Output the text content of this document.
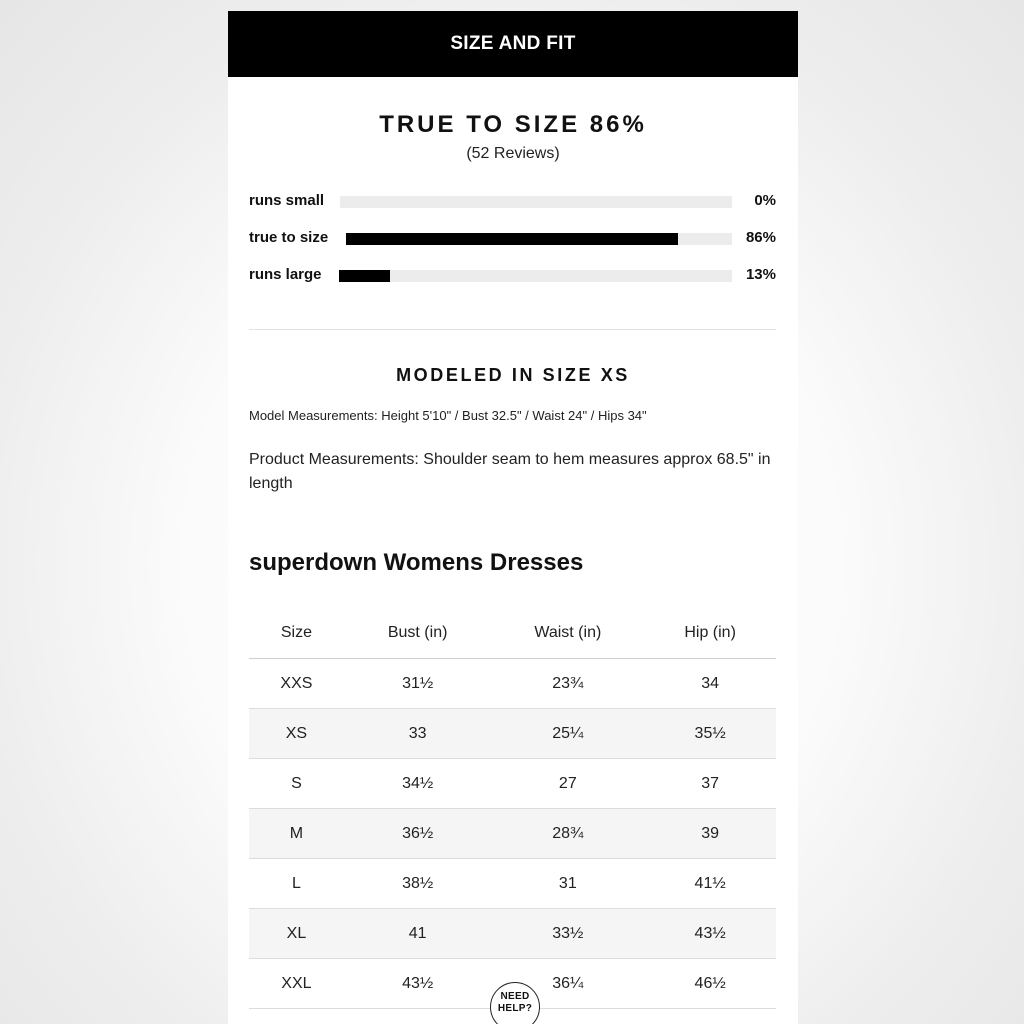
SIZE AND FIT
TRUE TO SIZE 86%
(52 Reviews)
runs small	0%
true to size	86%
runs large	13%
MODELED IN SIZE XS
Model Measurements: Height 5'10" / Bust 32.5" / Waist 24" / Hips 34"
Product Measurements: Shoulder seam to hem measures approx 68.5" in length
superdown Womens Dresses
Size	Bust (in)	Waist (in)	Hip (in)
XXS	31½	23¾	34
XS	33	25¼	35½
S	34½	27	37
M	36½	28¾	39
L	38½	31	41½
XL	41	33½	43½
XXL	43½	36¼	46½
NEED
HELP?
